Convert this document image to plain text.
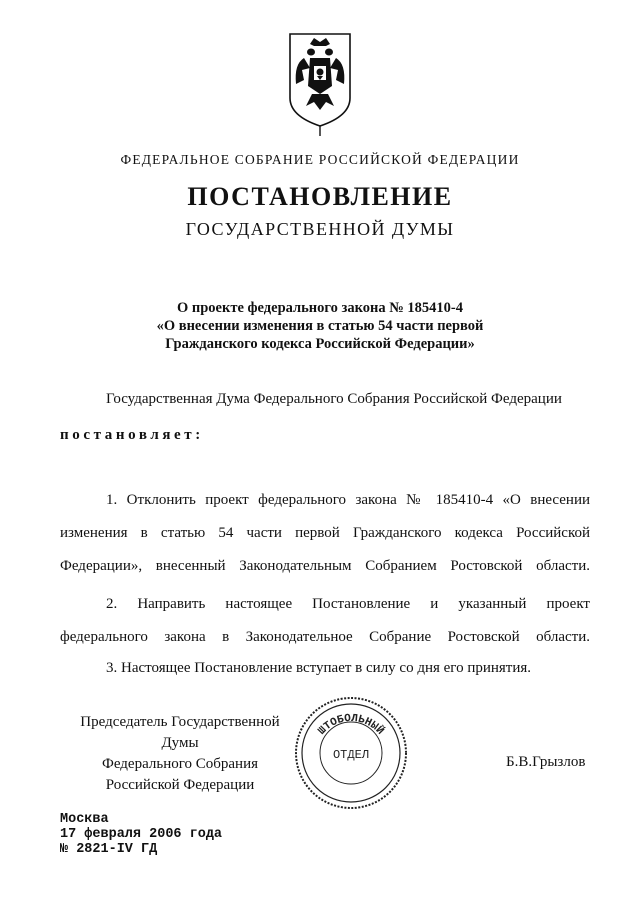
ФЕДЕРАЛЬНОЕ СОБРАНИЕ РОССИЙСКОЙ ФЕДЕРАЦИИ
ПОСТАНОВЛЕНИЕ
ГОСУДАРСТВЕННОЙ ДУМЫ
О проекте федерального закона № 185410-4
«О внесении изменения в статью 54 части первой
Гражданского кодекса Российской Федерации»
Государственная Дума Федерального Собрания Российской Федерации
постановляет:
1. Отклонить проект федерального закона № 185410-4 «О внесении
изменения в статью 54 части первой Гражданского кодекса Российской
Федерации», внесенный Законодательным Собранием Ростовской области.
2. Направить настоящее Постановление и указанный проект
федерального закона в Законодательное Собрание Ростовской области.
3. Настоящее Постановление вступает в силу со дня его принятия.
Председатель Государственной Думы
Федерального Собрания
Российской Федерации
ШТОБОЛЬНЫЙ
ОТДЕЛ	Б.В.Грызлов
Москва
17 февраля 2006 года
№ 2821-IV ГД
